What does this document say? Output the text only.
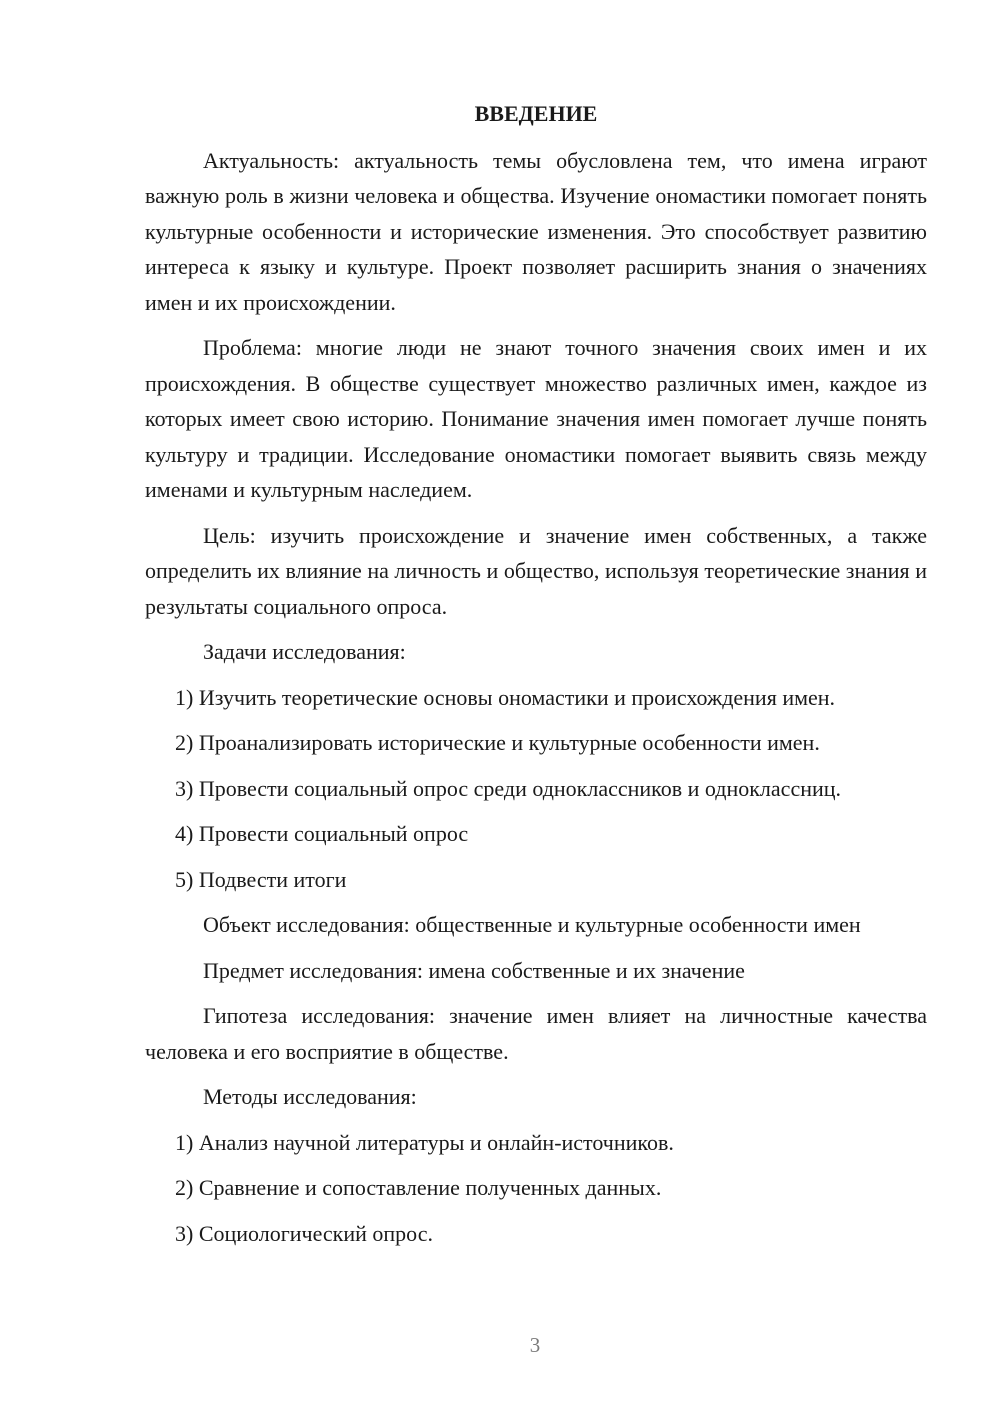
ВВЕДЕНИЕ

Актуальность: актуальность темы обусловлена тем, что имена играют важную роль в жизни человека и общества. Изучение ономастики помогает понять культурные особенности и исторические изменения. Это способствует развитию интереса к языку и культуре. Проект позволяет расширить знания о значениях имен и их происхождении.

Проблема: многие люди не знают точного значения своих имен и их происхождения. В обществе существует множество различных имен, каждое из которых имеет свою историю. Понимание значения имен помогает лучше понять культуру и традиции. Исследование ономастики помогает выявить связь между именами и культурным наследием.

Цель: изучить происхождение и значение имен собственных, а также определить их влияние на личность и общество, используя теоретические знания и результаты социального опроса.

Задачи исследования:
1) Изучить теоретические основы ономастики и происхождения имен.
2) Проанализировать исторические и культурные особенности имен.
3) Провести социальный опрос среди одноклассников и одноклассниц.
4) Провести социальный опрос
5) Подвести итоги

Объект исследования: общественные и культурные особенности имен

Предмет исследования: имена собственные и их значение

Гипотеза исследования: значение имен влияет на личностные качества человека и его восприятие в обществе.

Методы исследования:
1) Анализ научной литературы и онлайн-источников.
2) Сравнение и сопоставление полученных данных.
3) Социологический опрос.
3
